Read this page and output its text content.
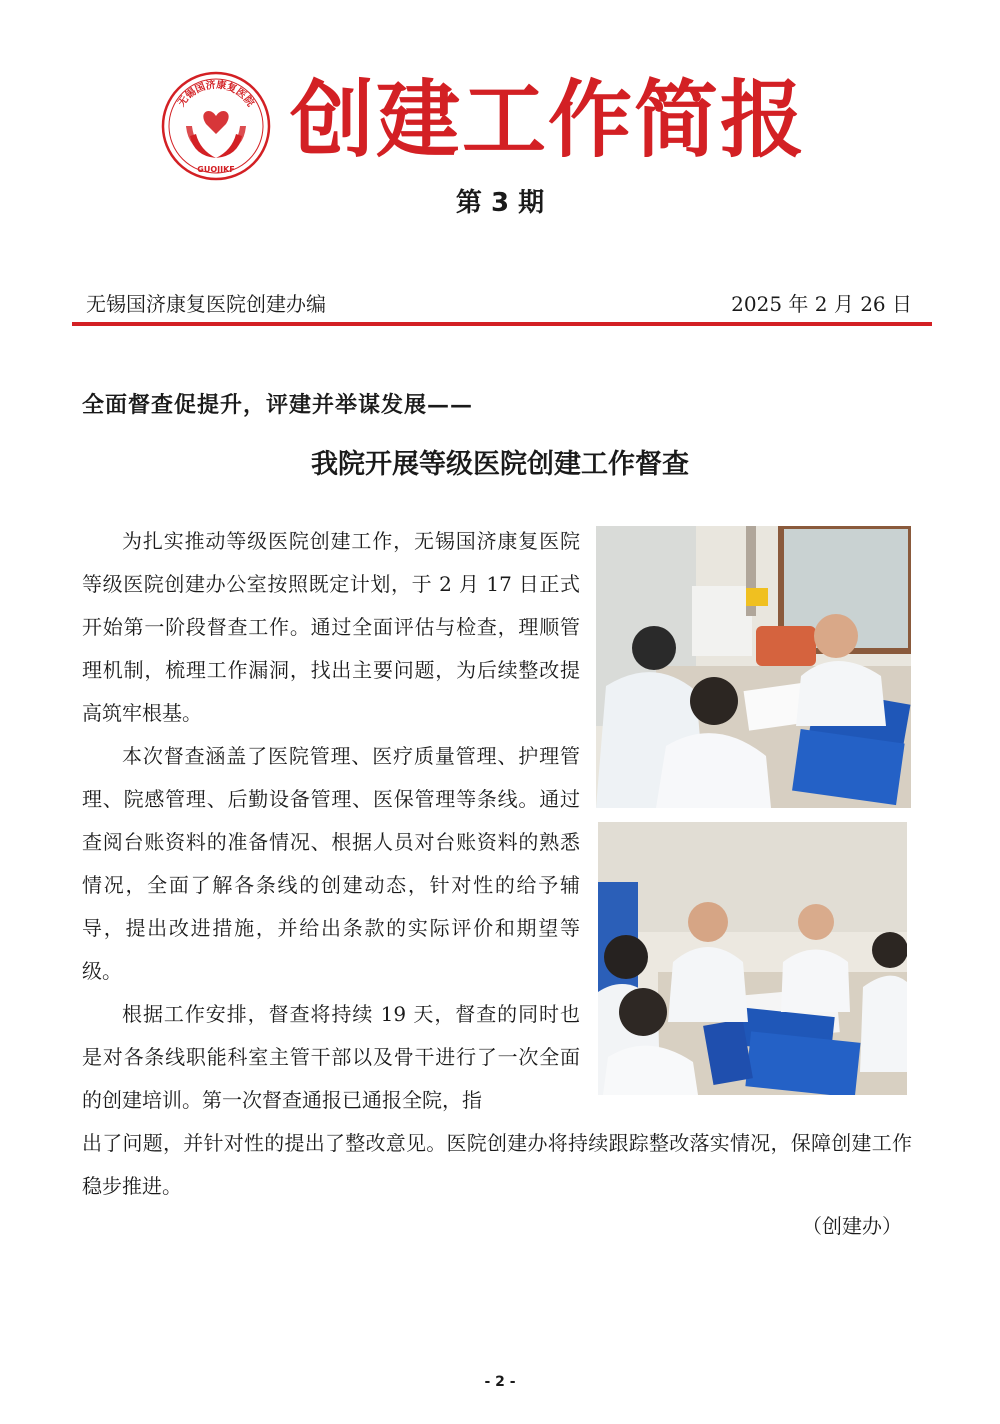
无锡国济康复医院
GUOJIKF
创建工作简报
第 3 期
无锡国济康复医院创建办编	2025 年 2 月 26 日
全面督查促提升，评建并举谋发展——
我院开展等级医院创建工作督查

为扎实推动等级医院创建工作，无锡国济康复医院等级医院创建办公室按照既定计划，于 2 月 17 日正式开始第一阶段督查工作。通过全面评估与检查，理顺管理机制，梳理工作漏洞，找出主要问题，为后续整改提高筑牢根基。

本次督查涵盖了医院管理、医疗质量管理、护理管理、院感管理、后勤设备管理、医保管理等条线。通过查阅台账资料的准备情况、根据人员对台账资料的熟悉情况，全面了解各条线的创建动态，针对性的给予辅导，提出改进措施，并给出条款的实际评价和期望等级。

根据工作安排，督查将持续 19 天，督查的同时也是对各条线职能科室主管干部以及骨干进行了一次全面的创建培训。第一次督查通报已通报全院，指

出了问题，并针对性的提出了整改意见。医院创建办将持续跟踪整改落实情况，保障创建工作稳步推进。

（创建办）
- 2 -
